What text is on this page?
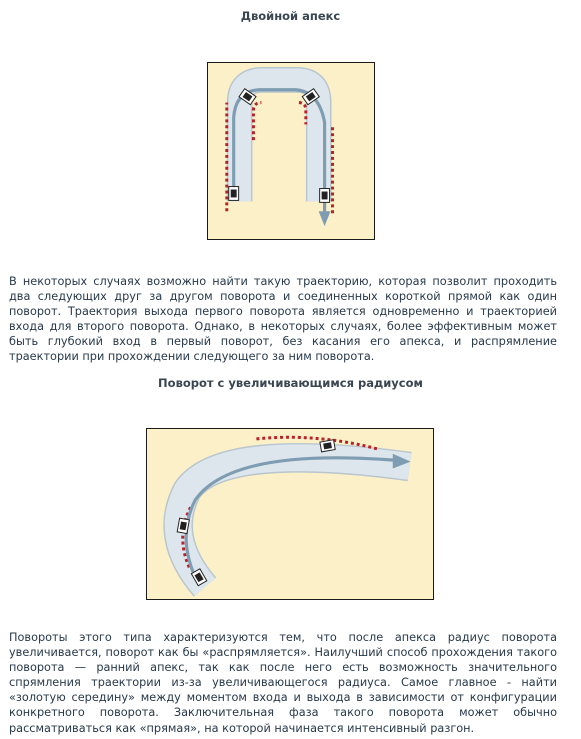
Двойной апекс
В некоторых случаях возможно найти такую траекторию, которая позволит проходить два следующих друг за другом поворота и соединенных короткой прямой как один поворот. Траектория выхода первого поворота является одновременно и траекторией входа для второго поворота. Однако, в некоторых случаях, более эффективным может быть глубокий вход в первый поворот, без касания его апекса, и распрямление траектории при прохождении следующего за ним поворота.
Поворот с увеличивающимся радиусом
Повороты этого типа характеризуются тем, что после апекса радиус поворота увеличивается, поворот как бы «распрямляется». Наилучший способ прохождения такого поворота — ранний апекс, так как после него есть возможность значительного спрямления траектории из-за увеличивающегося радиуса. Самое главное - найти «золотую середину» между моментом входа и выхода в зависимости от конфигурации конкретного поворота. Заключительная фаза такого поворота может обычно рассматриваться как «прямая», на которой начинается интенсивный разгон.
